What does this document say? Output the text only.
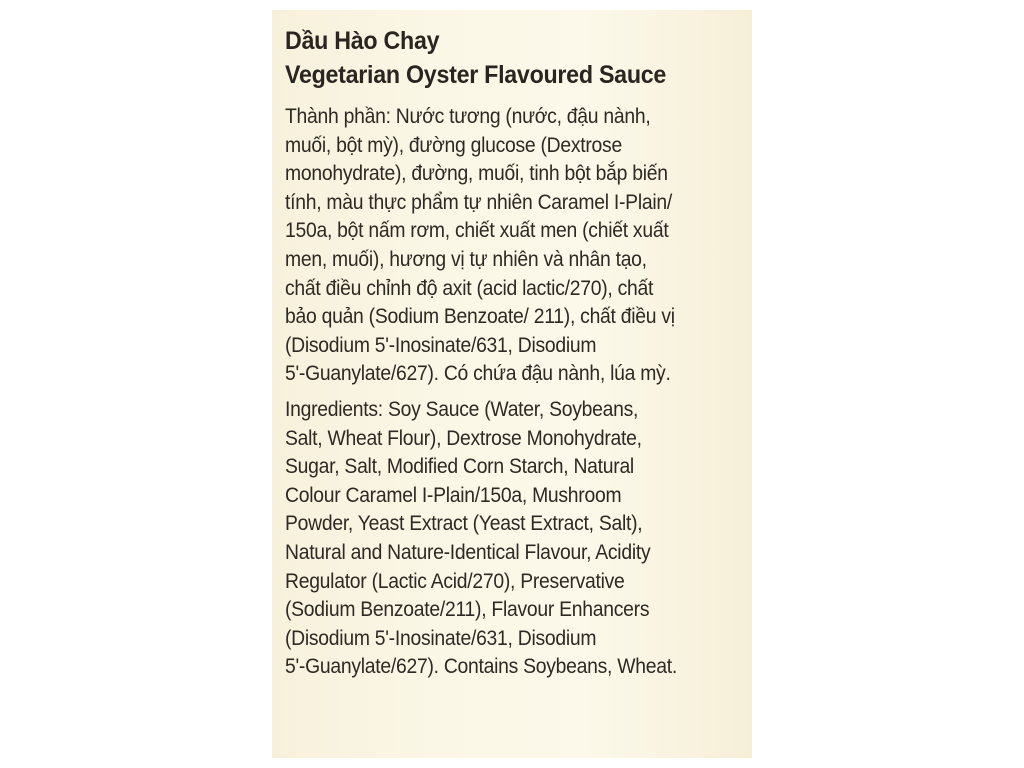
Dầu Hào Chay
Vegetarian Oyster Flavoured Sauce
Thành phần: Nước tương (nước, đậu nành,
muối, bột mỳ), đường glucose (Dextrose
monohydrate), đường, muối, tinh bột bắp biến
tính, màu thực phẩm tự nhiên Caramel I-Plain/
150a, bột nấm rơm, chiết xuất men (chiết xuất
men, muối), hương vị tự nhiên và nhân tạo,
chất điều chỉnh độ axit (acid lactic/270), chất
bảo quản (Sodium Benzoate/ 211), chất điều vị
(Disodium 5'-Inosinate/631, Disodium
5'-Guanylate/627). Có chứa đậu nành, lúa mỳ.
Ingredients: Soy Sauce (Water, Soybeans,
Salt, Wheat Flour), Dextrose Monohydrate,
Sugar, Salt, Modified Corn Starch, Natural
Colour Caramel I-Plain/150a, Mushroom
Powder, Yeast Extract (Yeast Extract, Salt),
Natural and Nature-Identical Flavour, Acidity
Regulator (Lactic Acid/270), Preservative
(Sodium Benzoate/211), Flavour Enhancers
(Disodium 5'-Inosinate/631, Disodium
5'-Guanylate/627). Contains Soybeans, Wheat.
